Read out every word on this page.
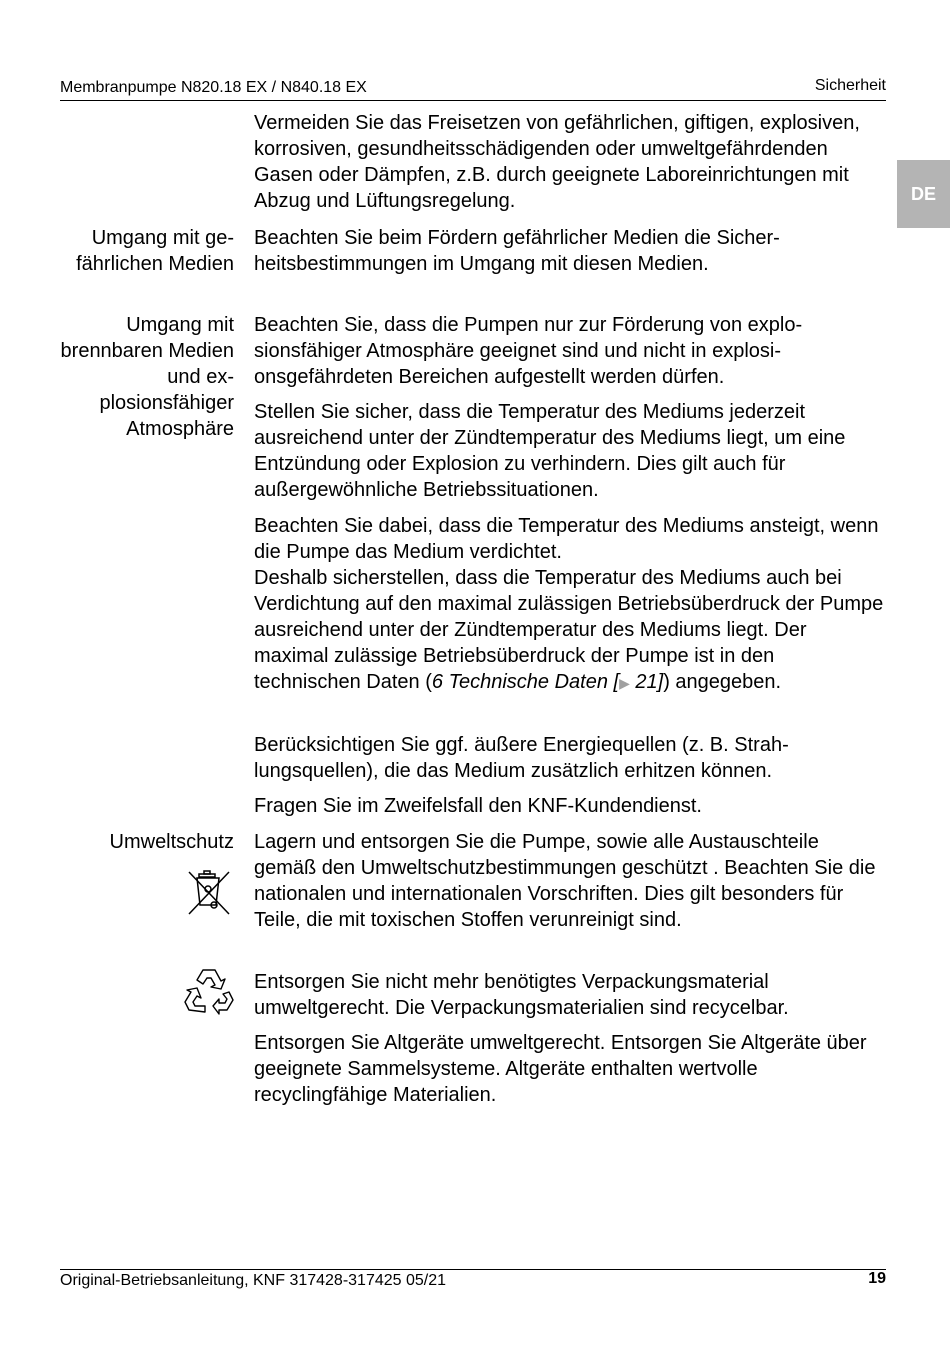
Membranpumpe N820.18 EX / N840.18 EX	Sicherheit
DE
Vermeiden Sie das Freisetzen von gefährlichen, giftigen, explosiven, korrosiven, gesundheitsschädigenden oder umweltgefährdenden Gasen oder Dämpfen, z.B. durch geeignete Laboreinrichtungen mit Abzug und Lüftungsregelung.
Umgang mit gefährlichen Medien
Beachten Sie beim Fördern gefährlicher Medien die Sicherheitsbestimmungen im Umgang mit diesen Medien.
Umgang mit brennbaren Medien und explosionsfähiger Atmosphäre
Beachten Sie, dass die Pumpen nur zur Förderung von explosionsfähiger Atmosphäre geeignet sind und nicht in explosionsgefährdeten Bereichen aufgestellt werden dürfen.
Stellen Sie sicher, dass die Temperatur des Mediums jederzeit ausreichend unter der Zündtemperatur des Mediums liegt, um eine Entzündung oder Explosion zu verhindern. Dies gilt auch für außergewöhnliche Betriebssituationen.
Beachten Sie dabei, dass die Temperatur des Mediums ansteigt, wenn die Pumpe das Medium verdichtet.
Deshalb sicherstellen, dass die Temperatur des Mediums auch bei Verdichtung auf den maximal zulässigen Betriebsüberdruck der Pumpe ausreichend unter der Zündtemperatur des Mediums liegt. Der maximal zulässige Betriebsüberdruck der Pumpe ist in den technischen Daten (6 Technische Daten [▶ 21]) angegeben.
Berücksichtigen Sie ggf. äußere Energiequellen (z. B. Strahlungsquellen), die das Medium zusätzlich erhitzen können.
Fragen Sie im Zweifelsfall den KNF-Kundendienst.
Umweltschutz Lagern und entsorgen Sie die Pumpe, sowie alle Austauschteile gemäß den Umweltschutzbestimmungen geschützt . Beachten Sie die nationalen und internationalen Vorschriften. Dies gilt besonders für Teile, die mit toxischen Stoffen verunreinigt sind.
Entsorgen Sie nicht mehr benötigtes Verpackungsmaterial umweltgerecht. Die Verpackungsmaterialien sind recycelbar.
Entsorgen Sie Altgeräte umweltgerecht. Entsorgen Sie Altgeräte über geeignete Sammelsysteme. Altgeräte enthalten wertvolle recyclingfähige Materialien.
Original-Betriebsanleitung, KNF 317428-317425 05/21	19
